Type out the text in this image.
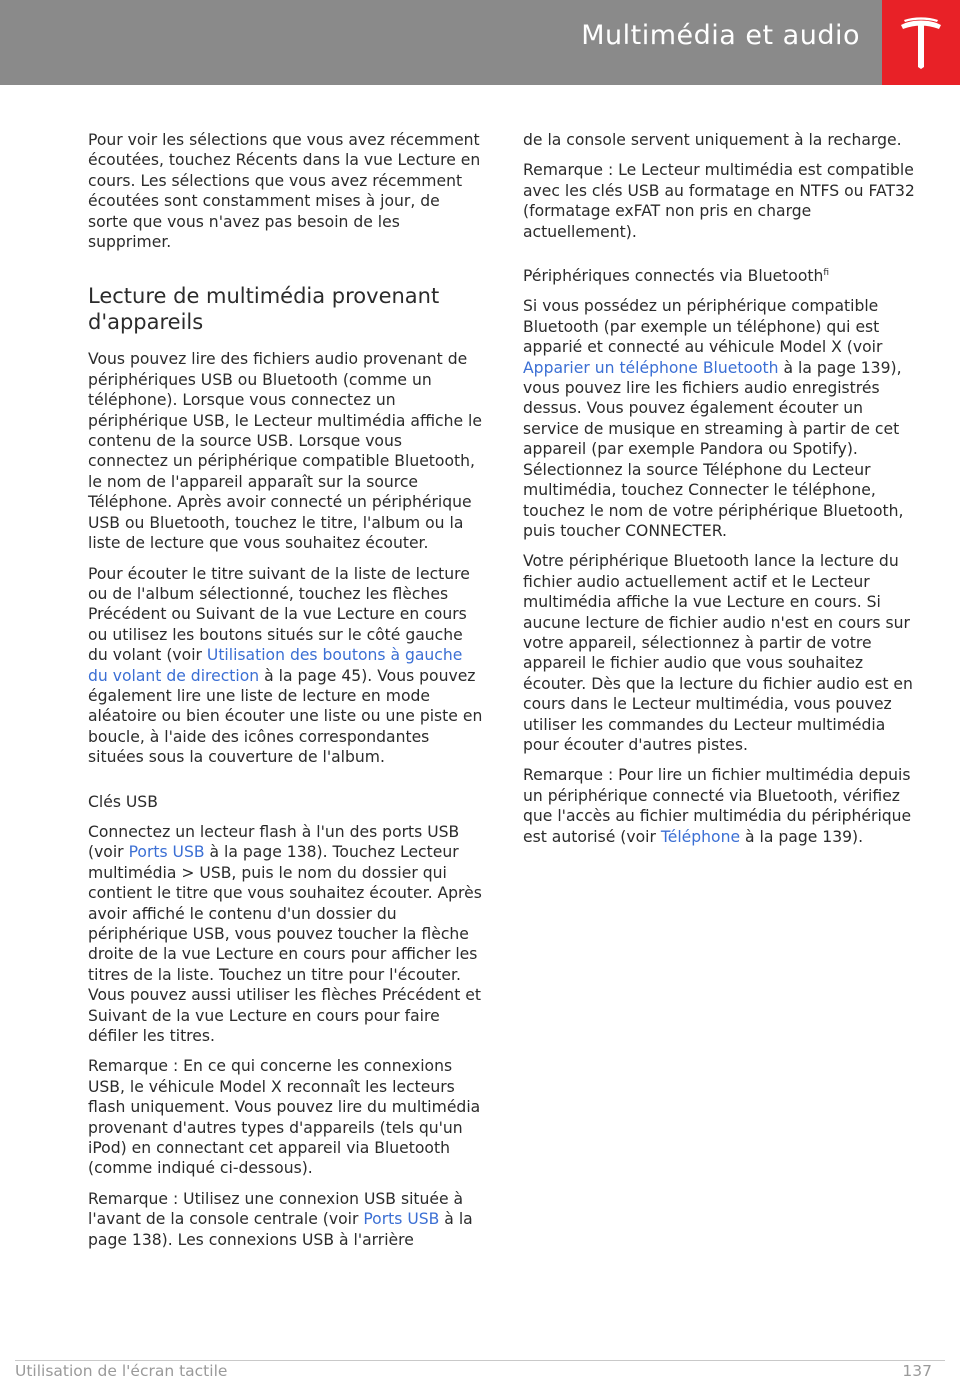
Multimédia et audio

Pour voir les sélections que vous avez récemment écoutées, touchez Récents dans la vue Lecture en cours. Les sélections que vous avez récemment écoutées sont constamment mises à jour, de sorte que vous n'avez pas besoin de les supprimer.

Lecture de multimédia provenant d'appareils

Vous pouvez lire des fichiers audio provenant de périphériques USB ou Bluetooth (comme un téléphone). Lorsque vous connectez un périphérique USB, le Lecteur multimédia affiche le contenu de la source USB. Lorsque vous connectez un périphérique compatible Bluetooth, le nom de l'appareil apparaît sur la source Téléphone. Après avoir connecté un périphérique USB ou Bluetooth, touchez le titre, l'album ou la liste de lecture que vous souhaitez écouter.

Pour écouter le titre suivant de la liste de lecture ou de l'album sélectionné, touchez les flèches Précédent ou Suivant de la vue Lecture en cours ou utilisez les boutons situés sur le côté gauche du volant (voir Utilisation des boutons à gauche du volant de direction à la page 45). Vous pouvez également lire une liste de lecture en mode aléatoire ou bien écouter une liste ou une piste en boucle, à l'aide des icônes correspondantes situées sous la couverture de l'album.

Clés USB

Connectez un lecteur flash à l'un des ports USB (voir Ports USB à la page 138). Touchez Lecteur multimédia > USB, puis le nom du dossier qui contient le titre que vous souhaitez écouter. Après avoir affiché le contenu d'un dossier du périphérique USB, vous pouvez toucher la flèche droite de la vue Lecture en cours pour afficher les titres de la liste. Touchez un titre pour l'écouter. Vous pouvez aussi utiliser les flèches Précédent et Suivant de la vue Lecture en cours pour faire défiler les titres.

Remarque : En ce qui concerne les connexions USB, le véhicule Model X reconnaît les lecteurs flash uniquement. Vous pouvez lire du multimédia provenant d'autres types d'appareils (tels qu'un iPod) en connectant cet appareil via Bluetooth (comme indiqué ci-dessous).

Remarque : Utilisez une connexion USB située à l'avant de la console centrale (voir Ports USB à la page 138). Les connexions USB à l'arrière

de la console servent uniquement à la recharge.

Remarque : Le Lecteur multimédia est compatible avec les clés USB au formatage en NTFS ou FAT32 (formatage exFAT non pris en charge actuellement).

Périphériques connectés via Bluetooth$^{fi}$

Si vous possédez un périphérique compatible Bluetooth (par exemple un téléphone) qui est apparié et connecté au véhicule Model X (voir Apparier un téléphone Bluetooth à la page 139), vous pouvez lire les fichiers audio enregistrés dessus. Vous pouvez également écouter un service de musique en streaming à partir de cet appareil (par exemple Pandora ou Spotify). Sélectionnez la source Téléphone du Lecteur multimédia, touchez Connecter le téléphone, touchez le nom de votre périphérique Bluetooth, puis toucher CONNECTER.

Votre périphérique Bluetooth lance la lecture du fichier audio actuellement actif et le Lecteur multimédia affiche la vue Lecture en cours. Si aucune lecture de fichier audio n'est en cours sur votre appareil, sélectionnez à partir de votre appareil le fichier audio que vous souhaitez écouter. Dès que la lecture du fichier audio est en cours dans le Lecteur multimédia, vous pouvez utiliser les commandes du Lecteur multimédia pour écouter d'autres pistes.

Remarque : Pour lire un fichier multimédia depuis un périphérique connecté via Bluetooth, vérifiez que l'accès au fichier multimédia du périphérique est autorisé (voir Téléphone à la page 139).

Utilisation de l'écran tactile	137
